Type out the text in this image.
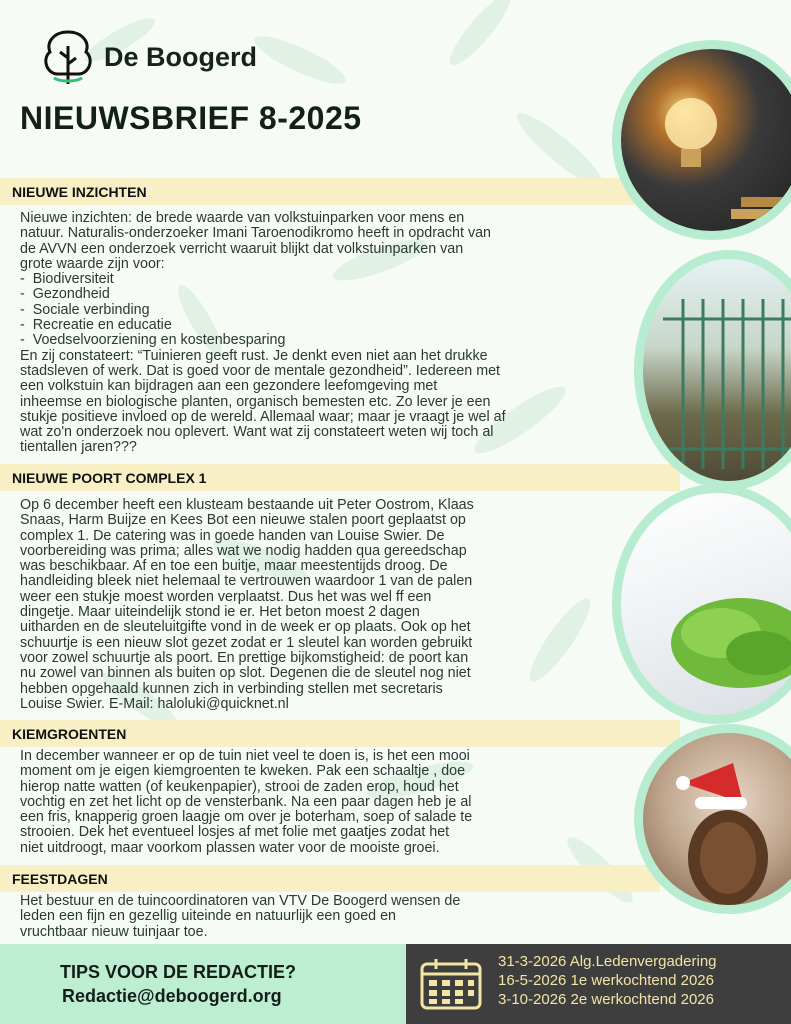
De Boogerd
NIEUWSBRIEF 8-2025
NIEUWE INZICHTEN
Nieuwe inzichten: de brede waarde van volkstuinparken voor mens en
natuur. Naturalis-onderzoeker Imani Taroenodikromo heeft in opdracht van
de AVVN een onderzoek verricht waaruit blijkt dat volkstuinparken van
grote waarde zijn voor:
-  Biodiversiteit
-  Gezondheid
-  Sociale verbinding
-  Recreatie en educatie
-  Voedselvoorziening en kostenbesparing
En zij constateert: “Tuinieren geeft rust. Je denkt even niet aan het drukke
stadsleven of werk. Dat is goed voor de mentale gezondheid”. Iedereen met
een volkstuin kan bijdragen aan een gezondere leefomgeving met
inheemse en biologische planten, organisch bemesten etc. Zo lever je een
stukje positieve invloed op de wereld. Allemaal waar; maar je vraagt je wel af
wat zo'n onderzoek nou oplevert. Want wat zij constateert weten wij toch al
tientallen jaren???
NIEUWE POORT COMPLEX 1
Op 6 december heeft een klusteam bestaande uit Peter Oostrom, Klaas
Snaas, Harm Buijze en Kees Bot een nieuwe stalen poort geplaatst op
complex 1. De catering was in goede handen van Louise Swier. De
voorbereiding was prima; alles wat we nodig hadden qua gereedschap
was beschikbaar. Af en toe een buitje, maar meestentijds droog. De
handleiding bleek niet helemaal te vertrouwen waardoor 1 van de palen
weer een stukje moest worden verplaatst. Dus het was wel ff een
dingetje. Maar uiteindelijk stond ie er. Het beton moest 2 dagen
uitharden en de sleuteluitgifte vond in de week er op plaats. Ook op het
schuurtje is een nieuw slot gezet zodat er 1 sleutel kan worden gebruikt
voor zowel schuurtje als poort. En prettige bijkomstigheid: de poort kan
nu zowel van binnen als buiten op slot. Degenen die de sleutel nog niet
hebben opgehaald kunnen zich in verbinding stellen met secretaris
Louise Swier. E-Mail: haloluki@quicknet.nl
KIEMGROENTEN
In december wanneer er op de tuin niet veel te doen is, is het een mooi
moment om je eigen kiemgroenten te kweken. Pak een schaaltje , doe
hierop natte watten (of keukenpapier), strooi de zaden erop, houd het
vochtig en zet het licht op de vensterbank. Na een paar dagen heb je al
een fris, knapperig groen laagje om over je boterham, soep of salade te
strooien. Dek het eventueel losjes af met folie met gaatjes zodat het
niet uitdroogt, maar voorkom plassen water voor de mooiste groei.
FEESTDAGEN
Het bestuur en de tuincoordinatoren van VTV De Boogerd wensen de
leden een fijn en gezellig uiteinde en natuurlijk een goed en
vruchtbaar nieuw tuinjaar toe.
TIPS VOOR DE REDACTIE?
Redactie@deboogerd.org
31-3-2026 Alg.Ledenvergadering
16-5-2026 1e werkochtend 2026
3-10-2026 2e werkochtend 2026
